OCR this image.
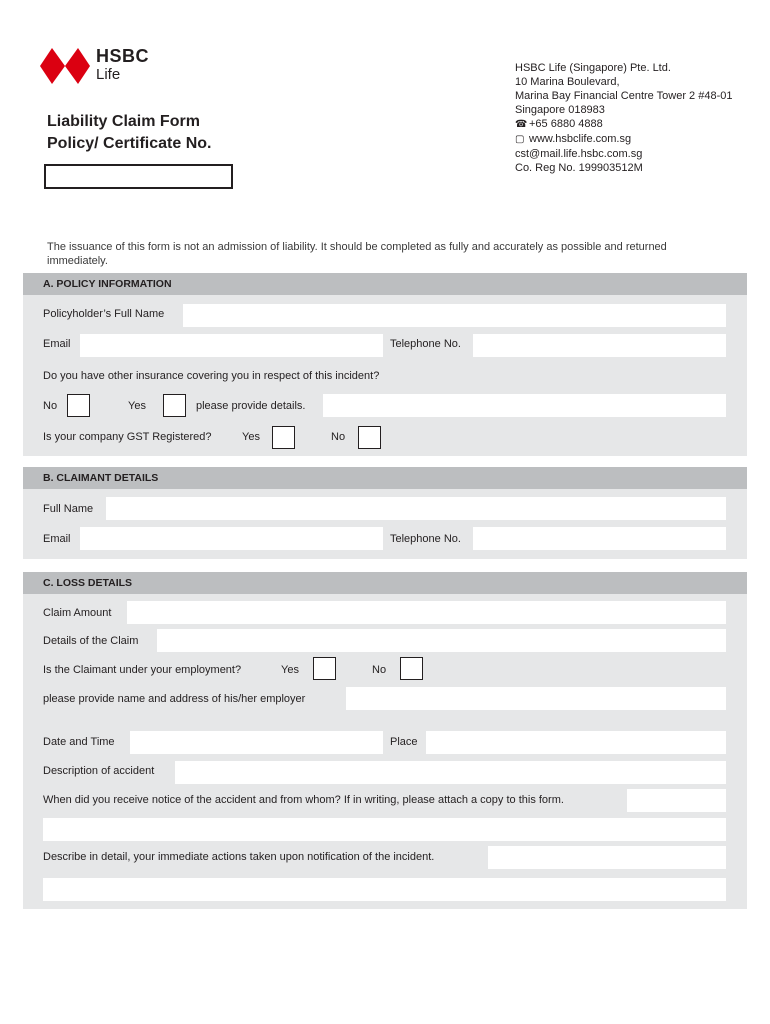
HSBC
Life
Liability Claim Form
Policy/ Certificate No.
HSBC Life (Singapore) Pte. Ltd.
10 Marina Boulevard,
Marina Bay Financial Centre Tower 2 #48-01
Singapore 018983
☎ +65 6880 4888
▢ www.hsbclife.com.sg
cst@mail.life.hsbc.com.sg
Co. Reg No. 199903512M
The issuance of this form is not an admission of liability. It should be completed as fully and accurately as possible and returned immediately.
A. POLICY INFORMATION
Policyholder’s Full Name
Email	Telephone No.
Do you have other insurance covering you in respect of this incident?
No	Yes	please provide details.
Is your company GST Registered?	Yes	No
B. CLAIMANT DETAILS
Full Name
Email	Telephone No.
C. LOSS DETAILS
Claim Amount
Details of the Claim
Is the Claimant under your employment?	Yes	No
please provide name and address of his/her employer
Date and Time	Place
Description of accident
When did you receive notice of the accident and from whom? If in writing, please attach a copy to this form.
Describe in detail, your immediate actions taken upon notification of the incident.
